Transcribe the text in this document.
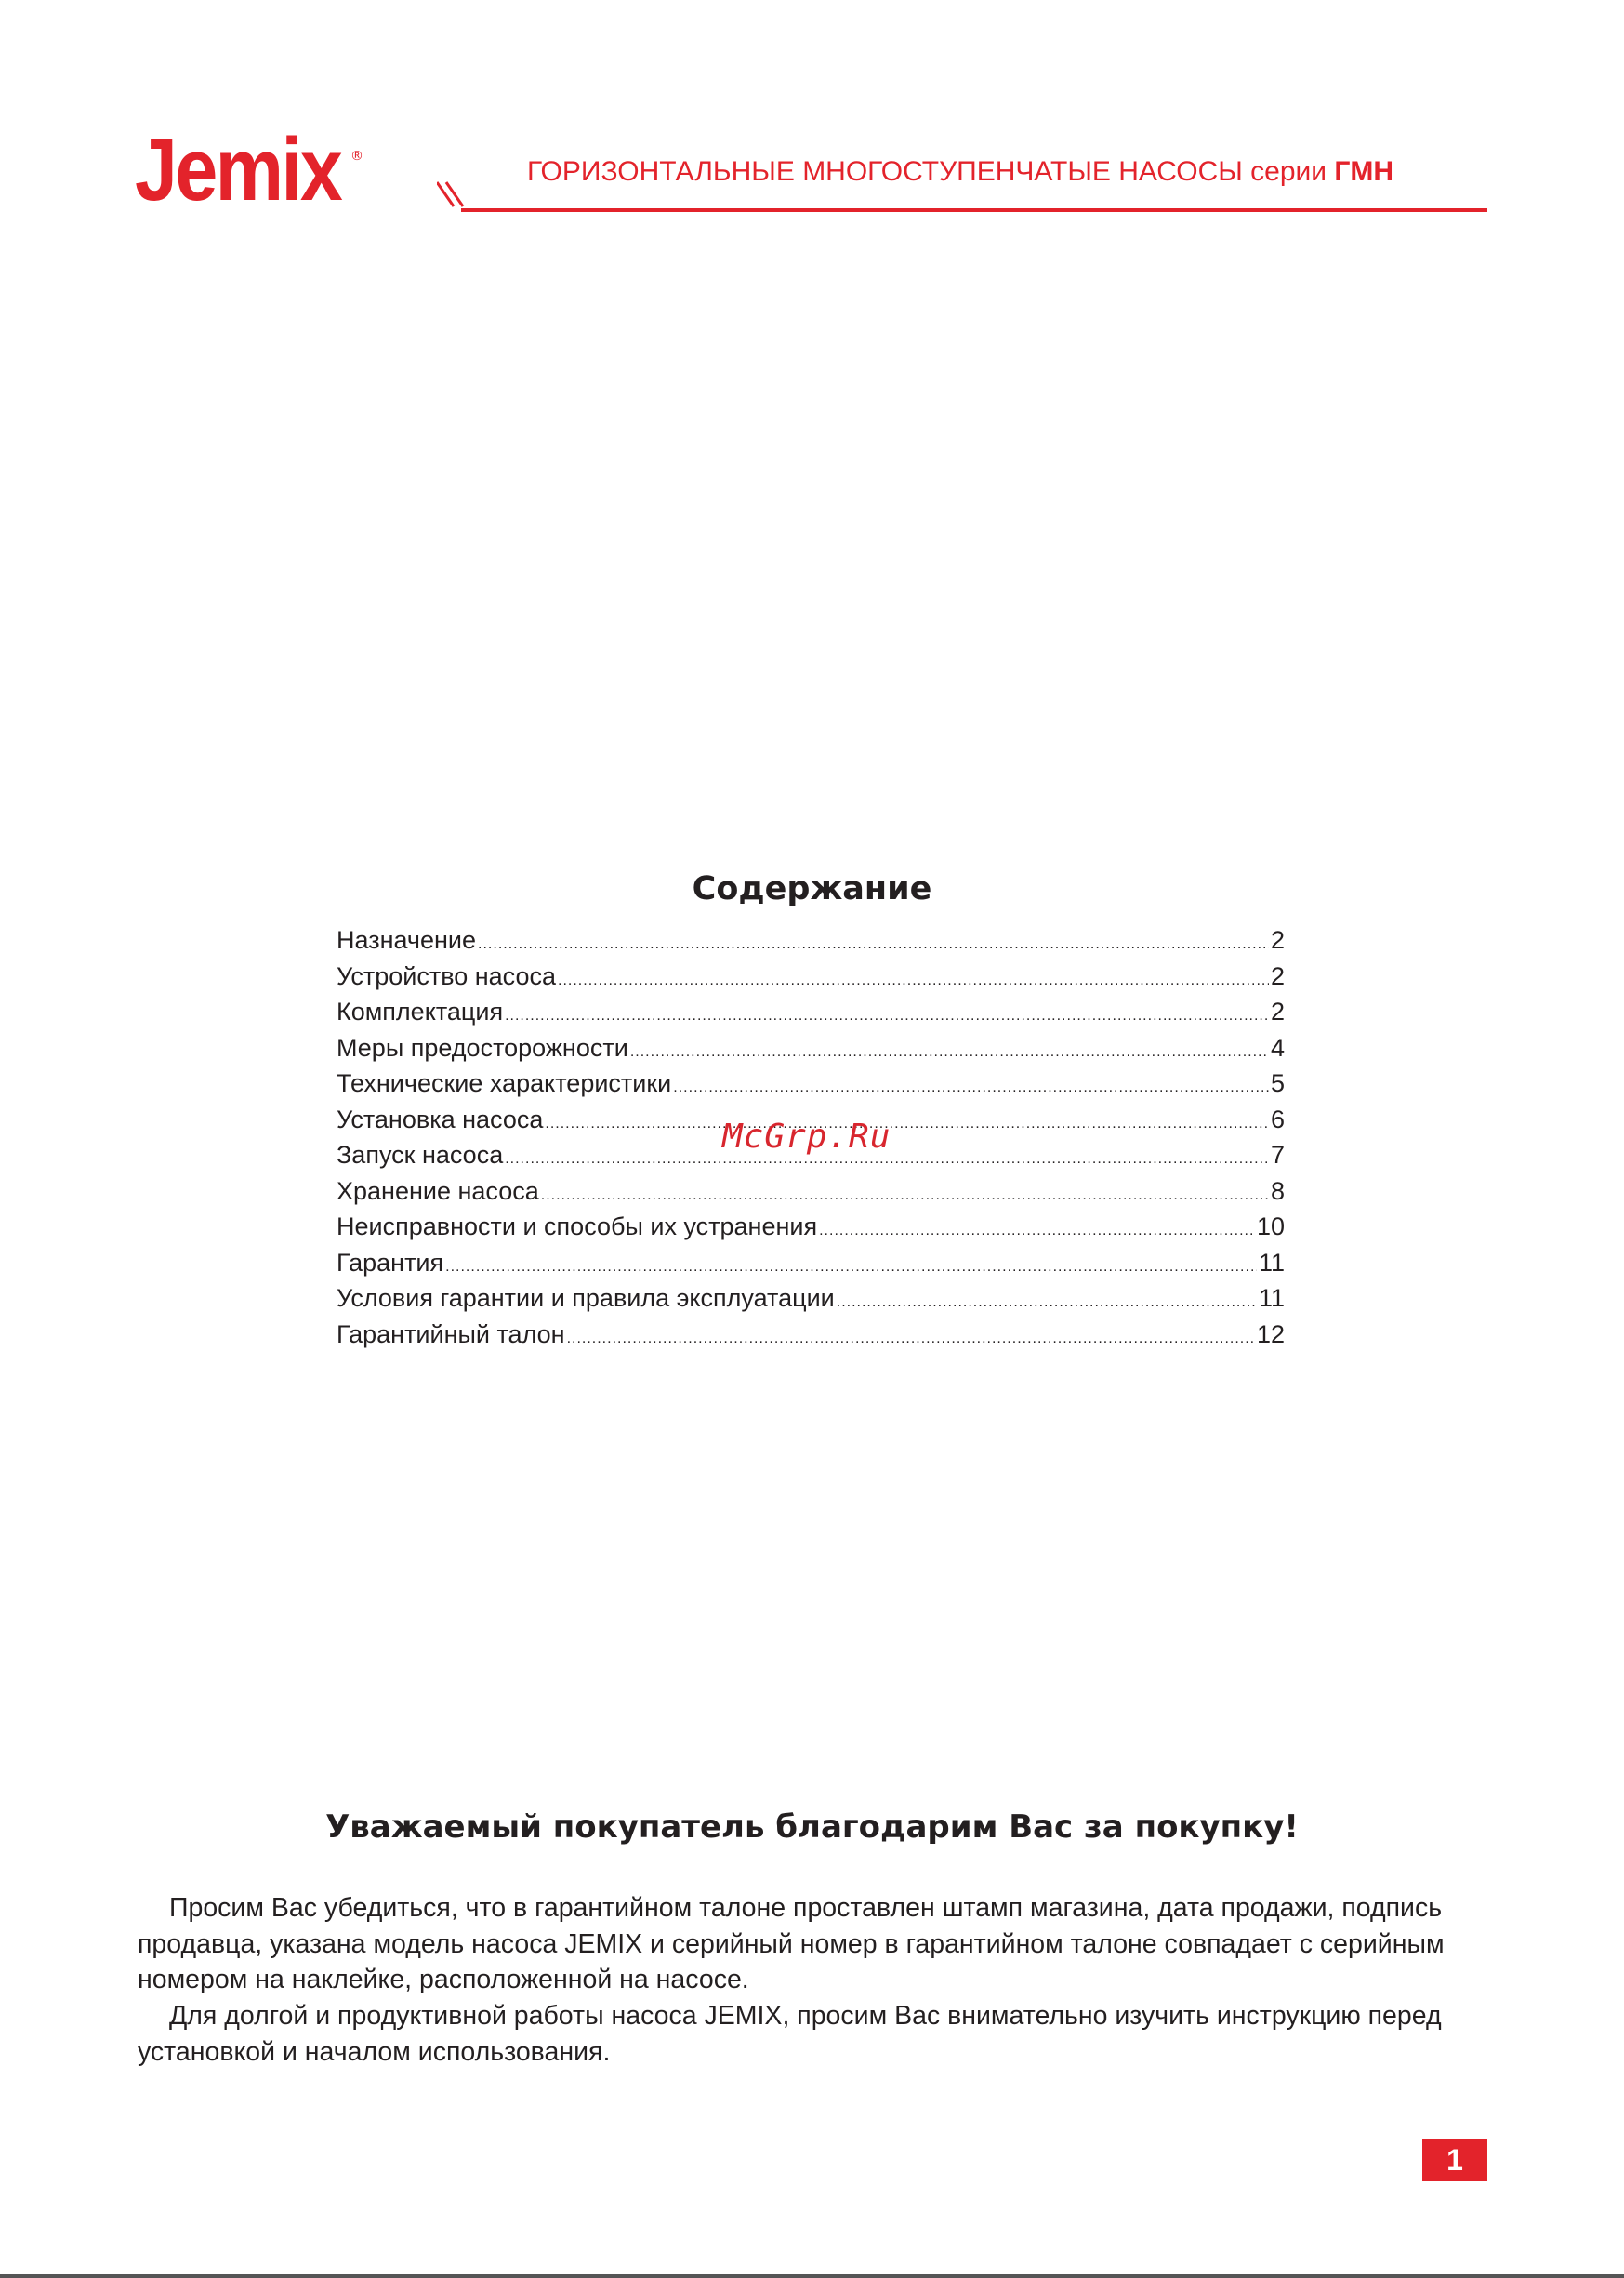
Jemix ®	ГОРИЗОНТАЛЬНЫЕ МНОГОСТУПЕНЧАТЫЕ НАСОСЫ серии ГМН
Содержание
Назначение .....	2
Устройство насоса .....	2
Комплектация .....	2
Меры предосторожности .....	4
Технические характеристики .....	5
Установка насоса .....	6
Запуск насоса .....	7
Хранение насоса .....	8
Неисправности и способы их устранения .....	10
Гарантия .....	11
Условия гарантии и правила эксплуатации .....	11
Гарантийный талон .....	12
McGrp.Ru
Уважаемый покупатель благодарим Вас за покупку!

Просим Вас убедиться, что в гарантийном талоне проставлен штамп магазина, дата продажи, подпись продавца, указана модель насоса JEMIX и серийный номер в гарантийном талоне совпадает с серийным номером на наклейке, расположенной на насосе.

Для долгой и продуктивной работы насоса JEMIX, просим Вас внимательно изучить инструкцию перед установкой и началом использования.

1
